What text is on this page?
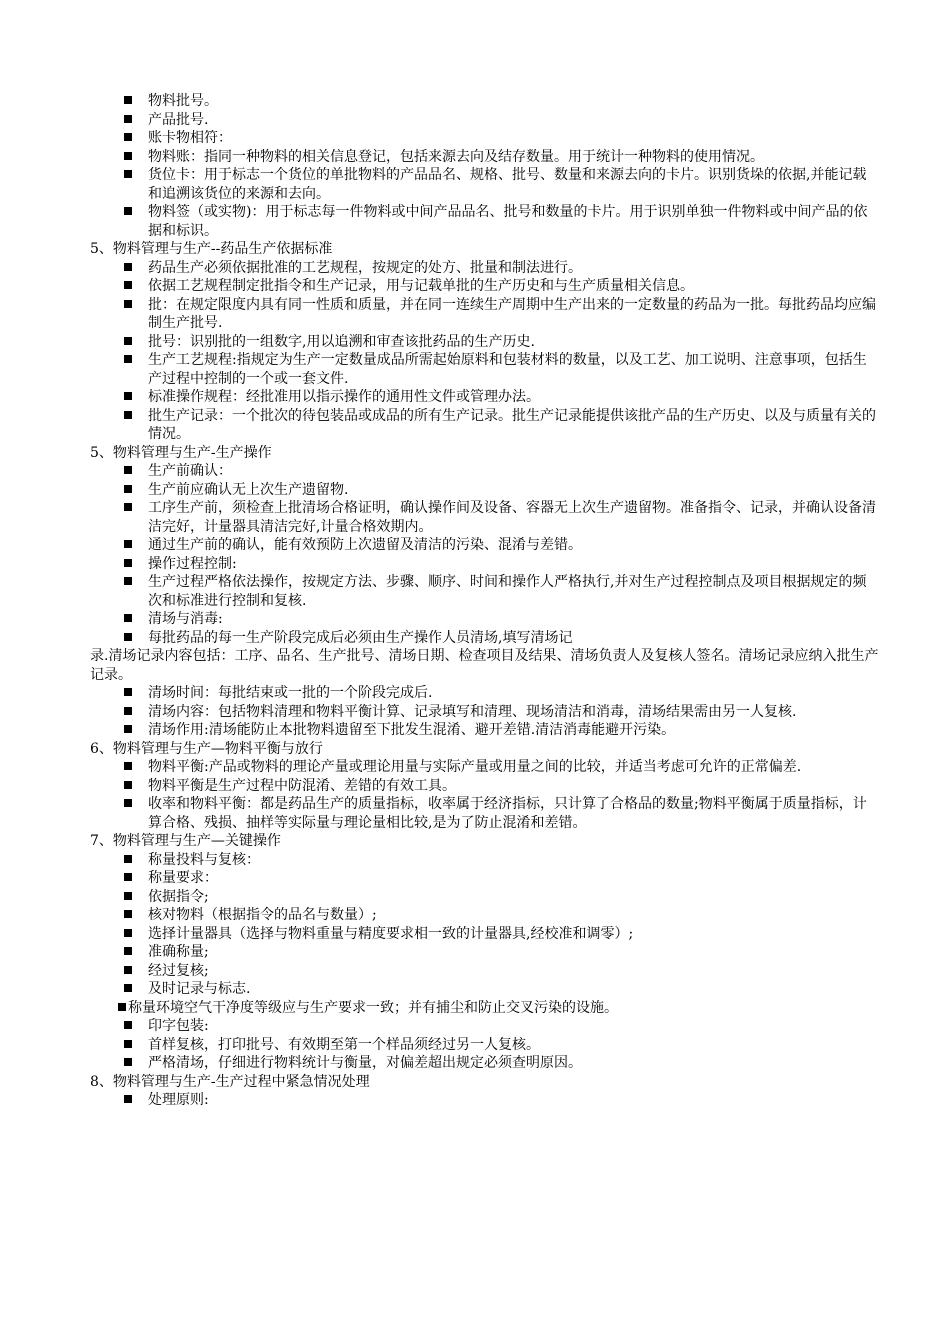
物料批号。
产品批号.
账卡物相符：
物料账：指同一种物料的相关信息登记，包括来源去向及结存数量。用于统计一种物料的使用情况。
货位卡：用于标志一个货位的单批物料的产品品名、规格、批号、数量和来源去向的卡片。识别货垛的依据,并能记载和追溯该货位的来源和去向。
物料签（或实物)：用于标志每一件物料或中间产品品名、批号和数量的卡片。用于识别单独一件物料或中间产品的依据和标识。
5、物料管理与生产--药品生产依据标准
药品生产必须依据批准的工艺规程，按规定的处方、批量和制法进行。
依据工艺规程制定批指令和生产记录，用与记载单批的生产历史和与生产质量相关信息。
批：在规定限度内具有同一性质和质量，并在同一连续生产周期中生产出来的一定数量的药品为一批。每批药品均应编制生产批号.
批号：识别批的一组数字,用以追溯和审查该批药品的生产历史.
生产工艺规程:指规定为生产一定数量成品所需起始原料和包装材料的数量，以及工艺、加工说明、注意事项，包括生产过程中控制的一个或一套文件.
标准操作规程：经批准用以指示操作的通用性文件或管理办法。
批生产记录：一个批次的待包装品或成品的所有生产记录。批生产记录能提供该批产品的生产历史、以及与质量有关的情况。
5、物料管理与生产-生产操作
生产前确认：
生产前应确认无上次生产遗留物.
工序生产前，须检查上批清场合格证明，确认操作间及设备、容器无上次生产遗留物。准备指令、记录，并确认设备清洁完好，计量器具清洁完好,计量合格效期内。
通过生产前的确认，能有效预防上次遗留及清洁的污染、混淆与差错。
操作过程控制:
生产过程严格依法操作，按规定方法、步骤、顺序、时间和操作人严格执行,并对生产过程控制点及项目根据规定的频次和标准进行控制和复核.
清场与消毒:
每批药品的每一生产阶段完成后必须由生产操作人员清场,填写清场记
录.清场记录内容包括：工序、品名、生产批号、清场日期、检查项目及结果、清场负责人及复核人签名。清场记录应纳入批生产记录。
清场时间：每批结束或一批的一个阶段完成后.
清场内容：包括物料清理和物料平衡计算、记录填写和清理、现场清洁和消毒，清场结果需由另一人复核.
清场作用:清场能防止本批物料遗留至下批发生混淆、避开差错.清洁消毒能避开污染。
6、物料管理与生产—物料平衡与放行
物料平衡:产品或物料的理论产量或理论用量与实际产量或用量之间的比较，并适当考虑可允许的正常偏差.
物料平衡是生产过程中防混淆、差错的有效工具。
收率和物料平衡：都是药品生产的质量指标，收率属于经济指标，只计算了合格品的数量;物料平衡属于质量指标，计算合格、残损、抽样等实际量与理论量相比较,是为了防止混淆和差错。
7、物料管理与生产—关键操作
称量投料与复核：
称量要求：
依据指令;
核对物料（根据指令的品名与数量）;
选择计量器具（选择与物料重量与精度要求相一致的计量器具,经校准和调零）;
准确称量;
经过复核;
及时记录与标志.
称量环境空气干净度等级应与生产要求一致；并有捕尘和防止交叉污染的设施。
印字包装:
首样复核，打印批号、有效期至第一个样品须经过另一人复核。
严格清场，仔细进行物料统计与衡量，对偏差超出规定必须查明原因。
8、物料管理与生产-生产过程中紧急情况处理
处理原则:
